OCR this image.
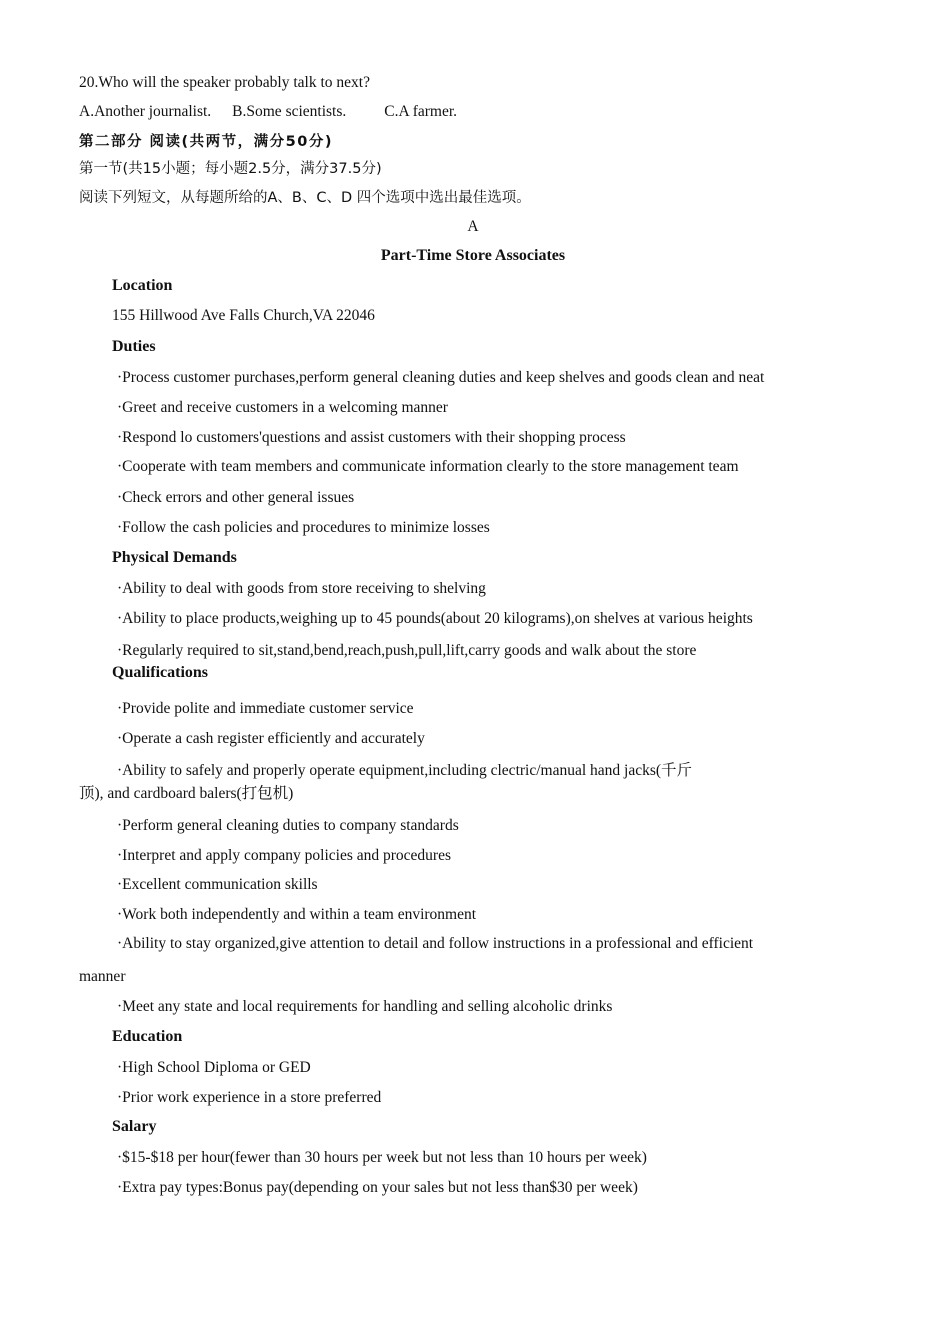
20.Who will the speaker probably talk to next?
A.Another journalist. B.Some scientists. C.A farmer.
第二部分 阅读(共两节，满分50分)
第一节(共15小题；每小题2.5分，满分37.5分)
阅读下列短文，从每题所给的A、B、C、D 四个选项中选出最佳选项。
A
Part-Time Store Associates
Location
155 Hillwood Ave Falls Church,VA 22046
Duties
·Process customer purchases,perform general cleaning duties and keep shelves and goods clean and neat
·Greet and receive customers in a welcoming manner
·Respond lo customers'questions and assist customers with their shopping process
·Cooperate with team members and communicate information clearly to the store management team
·Check errors and other general issues
·Follow the cash policies and procedures to minimize losses
Physical Demands
·Ability to deal with goods from store receiving to shelving
·Ability to place products,weighing up to 45 pounds(about 20 kilograms),on shelves at various heights
·Regularly required to sit,stand,bend,reach,push,pull,lift,carry goods and walk about the store
Qualifications
·Provide polite and immediate customer service
·Operate a cash register efficiently and accurately
·Ability to safely and properly operate equipment,including clectric/manual hand jacks(千斤
顶), and cardboard balers(打包机)
·Perform general cleaning duties to company standards
·Interpret and apply company policies and procedures
·Excellent communication skills
·Work both independently and within a team environment
·Ability to stay organized,give attention to detail and follow instructions in a professional and efficient
manner
·Meet any state and local requirements for handling and selling alcoholic drinks
Education
·High School Diploma or GED
·Prior work experience in a store preferred
Salary
·$15-$18 per hour(fewer than 30 hours per week but not less than 10 hours per week)
·Extra pay types:Bonus pay(depending on your sales but not less than$30 per week)
